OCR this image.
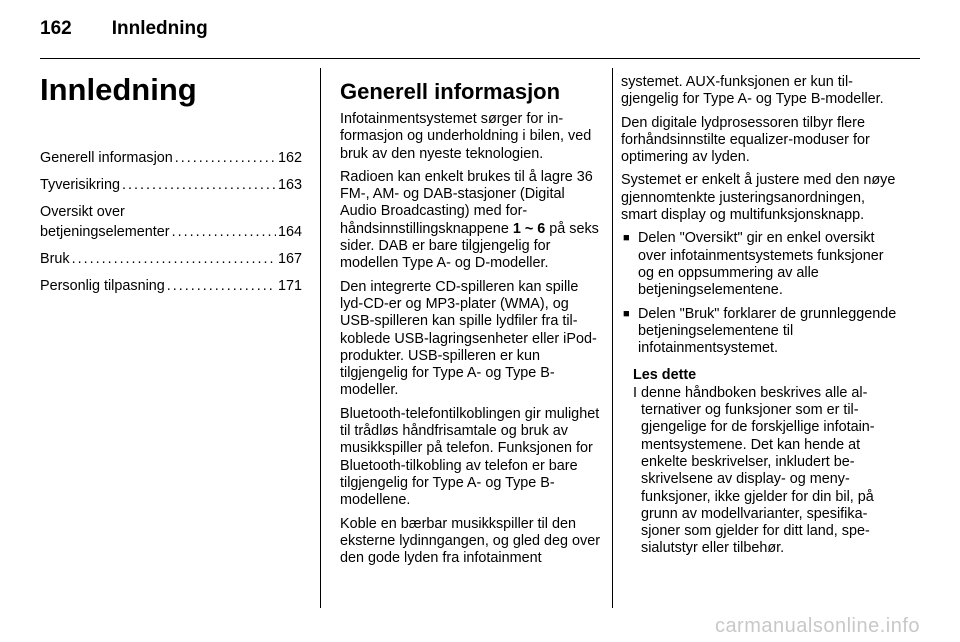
162 Innledning
Innledning
Generell informasjon . . .	162
Tyverisikring . . .	163
Oversikt over
betjeningselementer . . .	164
Bruk . . .	167
Personlig tilpasning . . .	171
Generell informasjon

Infotainmentsystemet sørger for informasjon og underholdning i bilen, ved bruk av den nyeste teknologien.

Radioen kan enkelt brukes til å lagre 36 FM-, AM- og DAB-stasjoner (Digital Audio Broadcasting) med forhåndsinnstillingsknappene 1 ~ 6 på seks sider. DAB er bare tilgjengelig for modellen Type A- og D-modeller.

Den integrerte CD-spilleren kan spille lyd-CD-er og MP3-plater (WMA), og USB-spilleren kan spille lydfiler fra tilkoblede USB-lagringsenheter eller iPod-produkter. USB-spilleren er kun tilgjengelig for Type A- og Type B-modeller.

Bluetooth-telefontilkoblingen gir mulighet til trådløs håndfrisamtale og bruk av musikkspiller på telefon. Funksjonen for Bluetooth-tilkobling av telefon er bare tilgjengelig for Type A- og Type B-modellene.

Koble en bærbar musikkspiller til den eksterne lydinngangen, og gled deg over den gode lyden fra infotainment

systemet. AUX-funksjonen er kun tilgjengelig for Type A- og Type B-modeller.

Den digitale lydprosessoren tilbyr flere forhåndsinnstilte equalizer-moduser for optimering av lyden.

Systemet er enkelt å justere med den nøye gjennomtenkte justeringsanordningen, smart display og multifunksjonsknapp.

■ Delen "Oversikt" gir en enkel oversikt over infotainmentsystemets funksjoner og en oppsummering av alle betjeningselementene.
■ Delen "Bruk" forklarer de grunnleggende betjeningselementene til infotainmentsystemet.
Les dette
I denne håndboken beskrives alle alternativer og funksjoner som er tilgjengelige for de forskjellige infotainmentsystemene. Det kan hende at enkelte beskrivelser, inkludert beskrivelsene av display- og menyfunksjoner, ikke gjelder for din bil, på grunn av modellvarianter, spesifikasjoner som gjelder for ditt land, spesialutstyr eller tilbehør.
carmanualsonline.info
